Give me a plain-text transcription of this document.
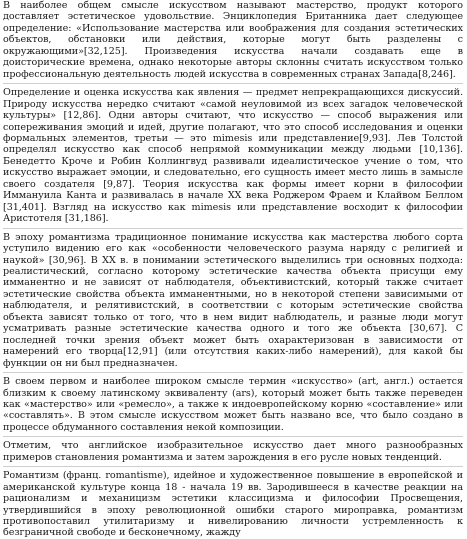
В наиболее общем смысле искусством называют мастерство, продукт которого доставляет эстетическое удовольствие. Энциклопедия Британника дает следующее определение: «Использование мастерства или воображения для создания эстетических объектов, обстановки или действия, которые могут быть разделены с окружающими»[32,125]. Произведения искусства начали создавать еще в доисторические времена, однако некоторые авторы склонны считать искусством только профессиональную деятельность людей искусства в современных странах Запада[8,246].

Определение и оценка искусства как явления — предмет непрекращающихся дискуссий. Природу искусства нередко считают «самой неуловимой из всех загадок человеческой культуры» [12,86]. Одни авторы считают, что искусство — способ выражения или сопереживания эмоций и идей, другие полагают, что это способ исследования и оценки формальных элементов, третьи — это mimesis или представление[9,93]. Лев Толстой определял искусство как способ непрямой коммуникации между людьми [10,136]. Бенедетто Кроче и Робин Коллингвуд развивали идеалистическое учение о том, что искусство выражает эмоции, и следовательно, его сущность имеет место лишь в замысле своего создателя [9,87]. Теория искусства как формы имеет корни в философии Иммануила Канта и развивалась в начале XX века Роджером Фраем и Клайвом Беллом [31,401]. Взгляд на искусство как mimesis или представление восходит к философии Аристотеля [31,186].

В эпоху романтизма традиционное понимание искусства как мастерства любого сорта уступило видению его как «особенности человеческого разума наряду с религией и наукой» [30,96]. В XX в. в понимании эстетического выделились три основных подхода: реалистический, согласно которому эстетические качества объекта присущи ему имманентно и не зависят от наблюдателя, объективистский, который также считает эстетические свойства объекта имманентными, но в некоторой степени зависимыми от наблюдателя, и релятивистский, в соответствии с которым эстетические свойства объекта зависят только от того, что в нем видит наблюдатель, и разные люди могут усматривать разные эстетические качества одного и того же объекта [30,67]. С последней точки зрения объект может быть охарактеризован в зависимости от намерений его творца[12,91] (или отсутствия каких-либо намерений), для какой бы функции он ни был предназначен.

В своем первом и наиболее широком смысле термин «искусство» (art, англ.) остается близким к своему латинскому эквиваленту (ars), который может быть также переведен как «мастерство» или «ремесло», а также к индоевропейскому корню «составление» или «составлять». В этом смысле искусством может быть названо все, что было создано в процессе обдуманного составления некой композиции.

Отметим, что английское изобразительное искусство дает много разнообразных примеров становления романтизма и затем зарождения в его русле новых тенденций.

Романтизм (франц. romantisme), идейное и художественное повышение в европейской и американской культуре конца 18 - начала 19 вв. Зародившееся в качестве реакции на рационализм и механицизм эстетики классицизма и философии Просвещения, утвердившийся в эпоху революционной ошибки старого мироправка, романтизм противопоставил утилитаризму и нивелированию личности устремленность к безграничной свободе и бесконечному, жажду
